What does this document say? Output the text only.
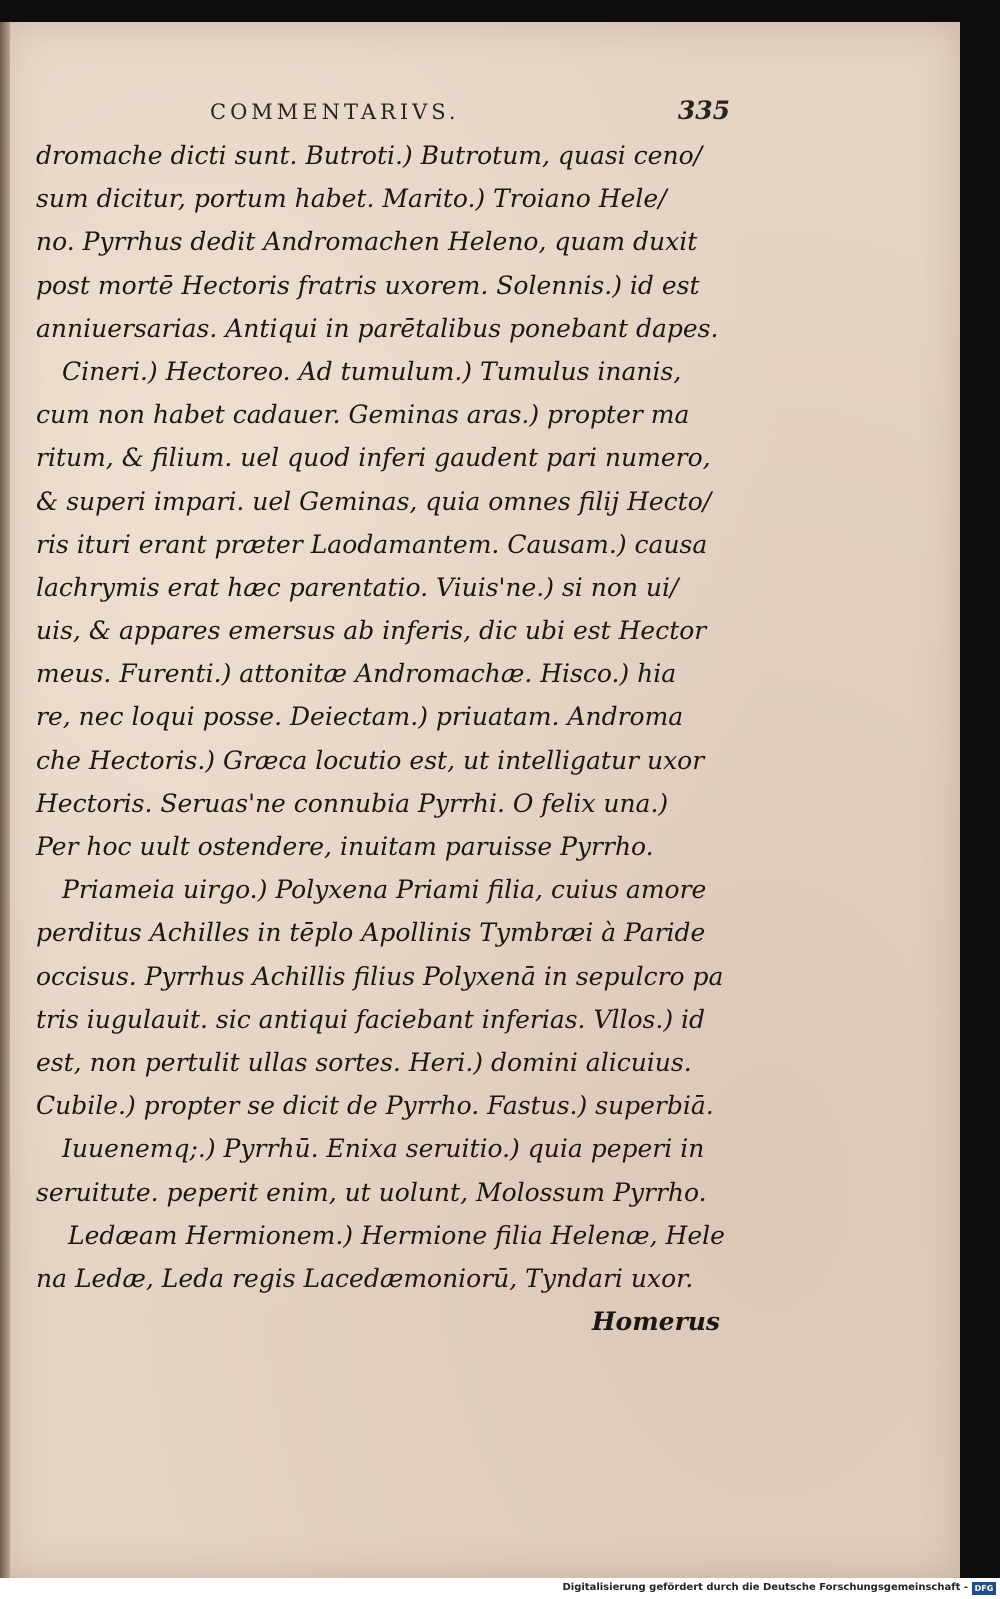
COMMENTARIVS.	335
dromache dicti sunt. Butroti.) Butrotum, quasi ceno/
sum dicitur, portum habet. Marito.) Troiano Hele/
no. Pyrrhus dedit Andromachen Heleno, quam duxit
post mortē Hectoris fratris uxorem. Solennis.) id est
anniuersarias. Antiqui in parētalibus ponebant dapes.
Cineri.) Hectoreo. Ad tumulum.) Tumulus inanis,
cum non habet cadauer. Geminas aras.) propter ma
ritum, & filium. uel quod inferi gaudent pari numero,
& superi impari. uel Geminas, quia omnes filij Hecto/
ris ituri erant præter Laodamantem. Causam.) causa
lachrymis erat hæc parentatio. Viuis'ne.) si non ui/
uis, & appares emersus ab inferis, dic ubi est Hector
meus. Furenti.) attonitæ Andromachæ. Hisco.) hia
re, nec loqui posse. Deiectam.) priuatam. Androma
che Hectoris.) Græca locutio est, ut intelligatur uxor
Hectoris. Seruas'ne connubia Pyrrhi. O felix una.)
Per hoc uult ostendere, inuitam paruisse Pyrrho.
Priameia uirgo.) Polyxena Priami filia, cuius amore
perditus Achilles in tēplo Apollinis Tymbræi à Paride
occisus. Pyrrhus Achillis filius Polyxenā in sepulcro pa
tris iugulauit. sic antiqui faciebant inferias. Vllos.) id
est, non pertulit ullas sortes. Heri.) domini alicuius.
Cubile.) propter se dicit de Pyrrho. Fastus.) superbiā.
Iuuenemq;.) Pyrrhū. Enixa seruitio.) quia peperi in
seruitute. peperit enim, ut uolunt, Molossum Pyrrho.
Ledæam Hermionem.) Hermione filia Helenæ, Hele
na Ledæ, Leda regis Lacedæmoniorū, Tyndari uxor.
Homerus
Digitalisierung gefördert durch die Deutsche Forschungsgemeinschaft - DFG
